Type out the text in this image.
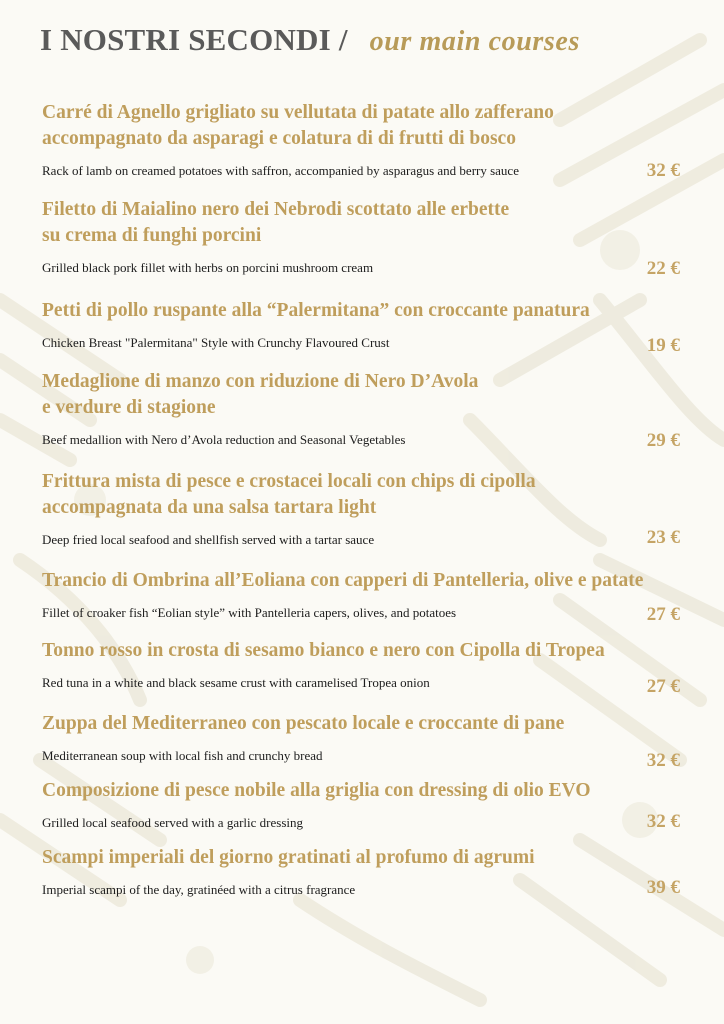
I NOSTRI SECONDI / our main courses
Carré di Agnello grigliato su vellutata di patate allo zafferano
accompagnato da asparagi e colatura di di frutti di bosco
Rack of lamb on creamed potatoes with saffron, accompanied by asparagus and berry sauce	32 €
Filetto di Maialino nero dei Nebrodi scottato alle erbette
su crema di funghi porcini
Grilled black pork fillet with herbs on porcini mushroom cream	22 €
Petti di pollo ruspante alla “Palermitana” con croccante panatura
Chicken Breast "Palermitana" Style with Crunchy Flavoured Crust	19 €
Medaglione di manzo con riduzione di Nero D’Avola
e verdure di stagione
Beef medallion with Nero d’Avola reduction and Seasonal Vegetables	29 €
Frittura mista di pesce e crostacei locali con chips di cipolla
accompagnata da una salsa tartara light
Deep fried local seafood and shellfish served with a tartar sauce	23 €
Trancio di Ombrina all’Eoliana con capperi di Pantelleria, olive e patate
Fillet of croaker fish “Eolian style” with Pantelleria capers, olives, and potatoes	27 €
Tonno rosso in crosta di sesamo bianco e nero con Cipolla di Tropea
Red tuna in a white and black sesame crust with caramelised Tropea onion	27 €
Zuppa del Mediterraneo con pescato locale e croccante di pane
Mediterranean soup with local fish and crunchy bread	32 €
Composizione di pesce nobile alla griglia con dressing di olio EVO
Grilled local seafood served with a garlic dressing	32 €
Scampi imperiali del giorno gratinati al profumo di agrumi
Imperial scampi of the day, gratinéed with a citrus fragrance	39 €
